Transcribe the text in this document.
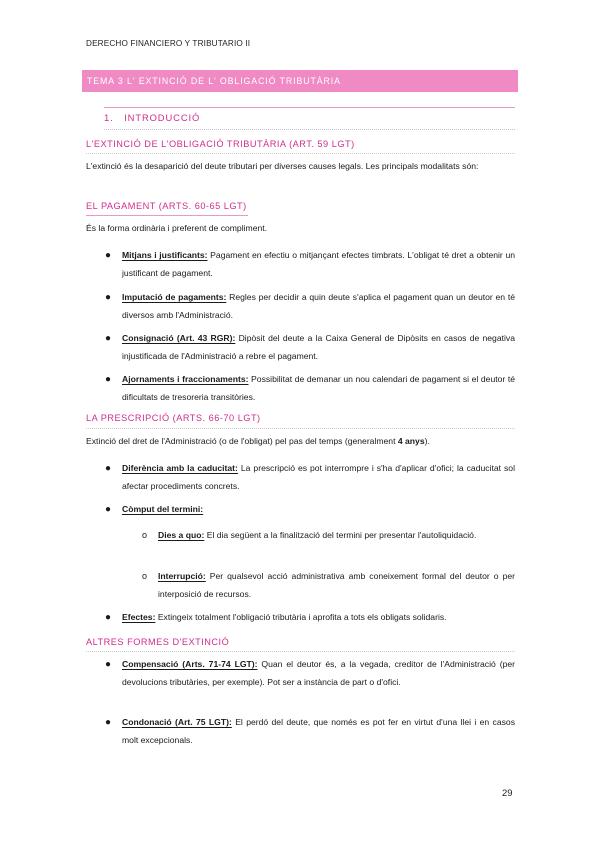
DERECHO FINANCIERO Y TRIBUTARIO II
TEMA 3 L' EXTINCIÓ DE L' OBLIGACIÓ TRIBUTÀRIA
1. INTRODUCCIÓ
L'EXTINCIÓ DE L'OBLIGACIÓ TRIBUTÀRIA (ART. 59 LGT)
L'extinció és la desaparició del deute tributari per diverses causes legals. Les principals modalitats són:
EL PAGAMENT (ARTS. 60-65 LGT)
És la forma ordinària i preferent de compliment.
● Mitjans i justificants: Pagament en efectiu o mitjançant efectes timbrats. L'obligat té dret a obtenir un justificant de pagament.
● Imputació de pagaments: Regles per decidir a quin deute s'aplica el pagament quan un deutor en té diversos amb l'Administració.
● Consignació (Art. 43 RGR): Dipòsit del deute a la Caixa General de Dipòsits en casos de negativa injustificada de l'Administració a rebre el pagament.
● Ajornaments i fraccionaments: Possibilitat de demanar un nou calendari de pagament si el deutor té dificultats de tresoreria transitòries.
LA PRESCRIPCIÓ (ARTS. 66-70 LGT)
Extinció del dret de l'Administració (o de l'obligat) pel pas del temps (generalment 4 anys).
● Diferència amb la caducitat: La prescripció es pot interrompre i s'ha d'aplicar d'ofici; la caducitat sol afectar procediments concrets.
● Còmput del termini:
o Dies a quo: El dia següent a la finalització del termini per presentar l'autoliquidació.
o Interrupció: Per qualsevol acció administrativa amb coneixement formal del deutor o per interposició de recursos.
● Efectes: Extingeix totalment l'obligació tributària i aprofita a tots els obligats solidaris.
ALTRES FORMES D'EXTINCIÓ
● Compensació (Arts. 71-74 LGT): Quan el deutor és, a la vegada, creditor de l'Administració (per devolucions tributàries, per exemple). Pot ser a instància de part o d'ofici.
● Condonació (Art. 75 LGT): El perdó del deute, que només es pot fer en virtut d'una llei i en casos molt excepcionals.
29
